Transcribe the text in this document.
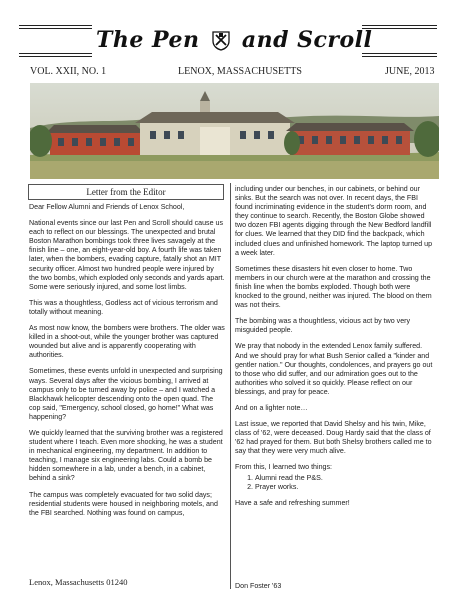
The Pen and Scroll
VOL. XXII, NO. 1	LENOX, MASSACHUSETTS	JUNE, 2013
Letter from the Editor

Dear Fellow Alumni and Friends of Lenox School,

National events since our last Pen and Scroll should cause us each to reflect on our blessings. The unexpected and brutal Boston Marathon bombings took three lives savagely at the finish line – one, an eight-year-old boy. A fourth life was taken later, when the bombers, evading capture, fatally shot an MIT security officer. Almost two hundred people were injured by the two bombs, which exploded only seconds and yards apart. Some were seriously injured, and some lost limbs.

This was a thoughtless, Godless act of vicious terrorism and totally without meaning.

As most now know, the bombers were brothers. The older was killed in a shoot-out, while the younger brother was captured wounded but alive and is apparently cooperating with authorities.

Sometimes, these events unfold in unexpected and surprising ways. Several days after the vicious bombing, I arrived at campus only to be turned away by police – and I watched a Blackhawk helicopter descending onto the open quad. The cop said, "Emergency, school closed, go home!" What was happening?

We quickly learned that the surviving brother was a registered student where I teach. Even more shocking, he was a student in mechanical engineering, my department. In addition to teaching, I manage six engineering labs. Could a bomb be hidden somewhere in a lab, under a bench, in a cabinet, behind a sink?

The campus was completely evacuated for two solid days; residential students were housed in neighboring motels, and the FBI searched. Nothing was found on campus,

including under our benches, in our cabinets, or behind our sinks. But the search was not over. In recent days, the FBI found incriminating evidence in the student's dorm room, and they continue to search. Recently, the Boston Globe showed two dozen FBI agents digging through the New Bedford landfill for clues. We learned that they DID find the backpack, which included clues and unfinished homework. The laptop turned up a week later.

Sometimes these disasters hit even closer to home. Two members in our church were at the marathon and crossing the finish line when the bombs exploded. Though both were knocked to the ground, neither was injured. The blood on them was not theirs.

The bombing was a thoughtless, vicious act by two very misguided people.

We pray that nobody in the extended Lenox family suffered. And we should pray for what Bush Senior called a "kinder and gentler nation." Our thoughts, condolences, and prayers go out to those who did suffer, and our admiration goes out to the authorities who solved it so quickly. Please reflect on our blessings, and pray for peace.

And on a lighter note…

Last issue, we reported that David Shelsy and his twin, Mike, class of '62, were deceased. Doug Hardy said that the class of '62 had prayed for them. But both Shelsy brothers called me to say that they were very much alive.

From this, I learned two things:

1. Alumni read the P&S.
2. Prayer works.

Have a safe and refreshing summer!

Don Foster '63
Lenox, Massachusetts 01240
